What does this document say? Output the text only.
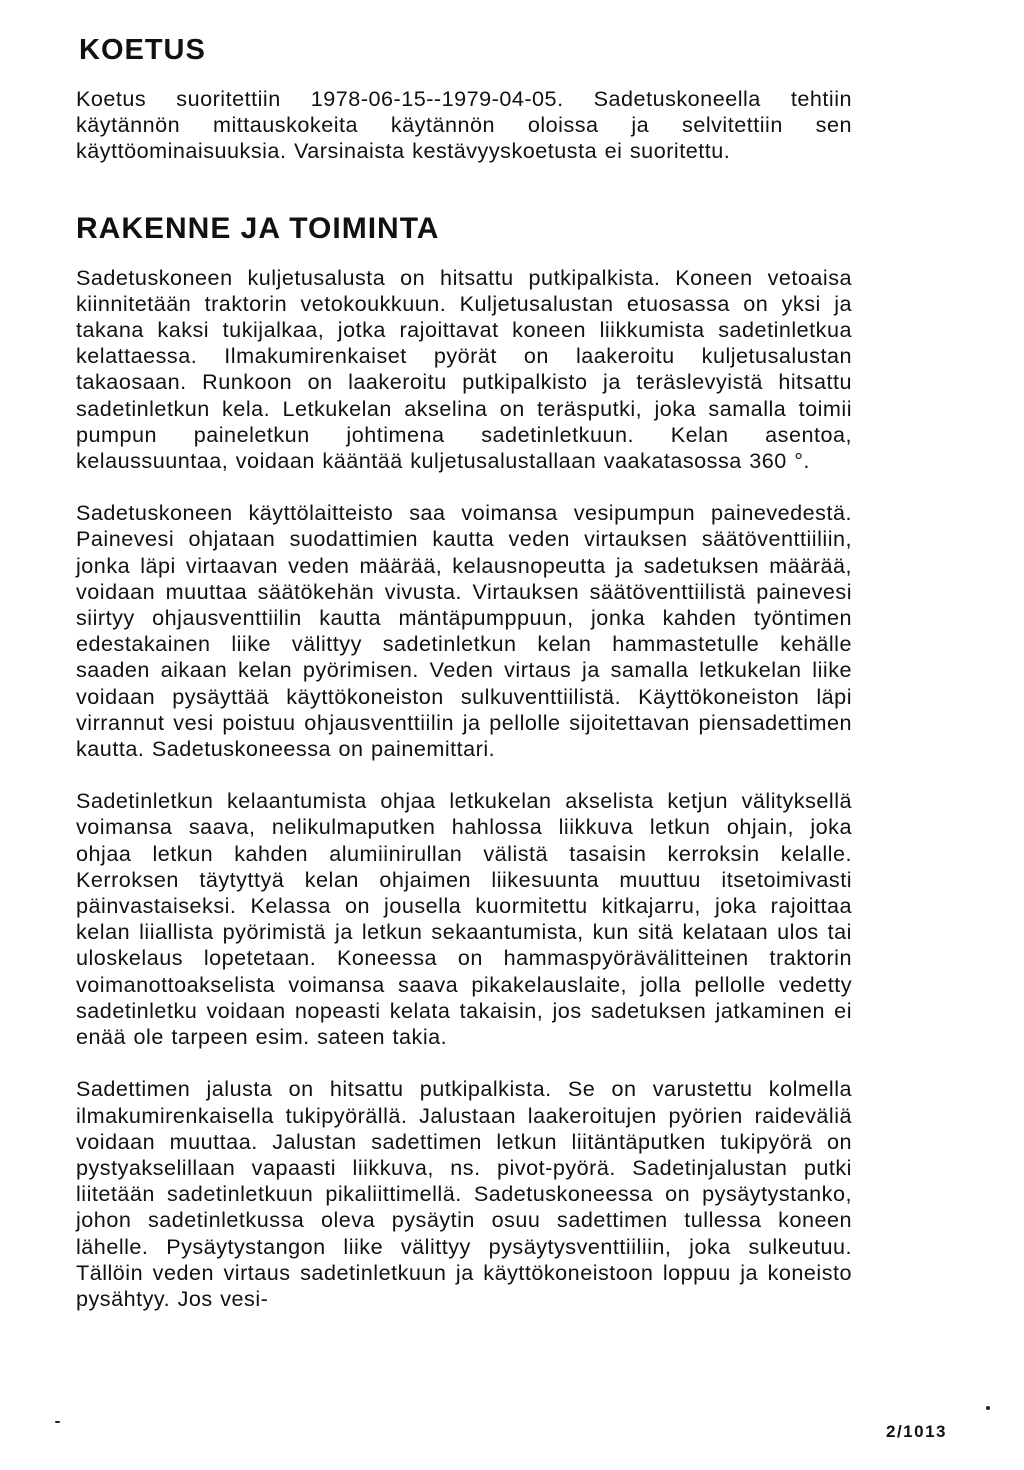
KOETUS

Koetus suoritettiin 1978-06-15--1979-04-05. Sadetuskoneella tehtiin käytännön mittauskokeita käytännön oloissa ja selvitettiin sen käyttöominaisuuksia. Varsinaista kestävyyskoetusta ei suoritettu.

RAKENNE JA TOIMINTA

Sadetuskoneen kuljetusalusta on hitsattu putkipalkista. Koneen vetoaisa kiinnitetään traktorin vetokoukkuun. Kuljetusalustan etuosassa on yksi ja takana kaksi tukijalkaa, jotka rajoittavat koneen liikkumista sadetinletkua kelattaessa. Ilmakumirenkaiset pyörät on laakeroitu kuljetusalustan takaosaan. Runkoon on laakeroitu putkipalkisto ja teräslevyistä hitsattu sadetinletkun kela. Letkukelan akselina on teräsputki, joka samalla toimii pumpun paineletkun johtimena sadetinletkuun. Kelan asentoa, kelaussuuntaa, voidaan kääntää kuljetusalustallaan vaakatasossa 360 °.

Sadetuskoneen käyttölaitteisto saa voimansa vesipumpun painevedestä. Painevesi ohjataan suodattimien kautta veden virtauksen säätöventtiiliin, jonka läpi virtaavan veden määrää, kelausnopeutta ja sadetuksen määrää, voidaan muuttaa säätökehän vivusta. Virtauksen säätöventtiilistä painevesi siirtyy ohjausventtiilin kautta mäntäpumppuun, jonka kahden työntimen edestakainen liike välittyy sadetinletkun kelan hammastetulle kehälle saaden aikaan kelan pyörimisen. Veden virtaus ja samalla letkukelan liike voidaan pysäyttää käyttökoneiston sulkuventtiilistä. Käyttökoneiston läpi virrannut vesi poistuu ohjausventtiilin ja pellolle sijoitettavan piensadettimen kautta. Sadetuskoneessa on painemittari.

Sadetinletkun kelaantumista ohjaa letkukelan akselista ketjun välityksellä voimansa saava, nelikulmaputken hahlossa liikkuva letkun ohjain, joka ohjaa letkun kahden alumiinirullan välistä tasaisin kerroksin kelalle. Kerroksen täytyttyä kelan ohjaimen liikesuunta muuttuu itsetoimivasti päinvastaiseksi. Kelassa on jousella kuormitettu kitkajarru, joka rajoittaa kelan liiallista pyörimistä ja letkun sekaantumista, kun sitä kelataan ulos tai uloskelaus lopetetaan. Koneessa on hammaspyörävälitteinen traktorin voimanottoakselista voimansa saava pikakelauslaite, jolla pellolle vedetty sadetinletku voidaan nopeasti kelata takaisin, jos sadetuksen jatkaminen ei enää ole tarpeen esim. sateen takia.

Sadettimen jalusta on hitsattu putkipalkista. Se on varustettu kolmella ilmakumirenkaisella tukipyörällä. Jalustaan laakeroitujen pyörien raideväliä voidaan muuttaa. Jalustan sadettimen letkun liitäntäputken tukipyörä on pystyakselillaan vapaasti liikkuva, ns. pivot-pyörä. Sadetinjalustan putki liitetään sadetinletkuun pikaliittimellä. Sadetuskoneessa on pysäytystanko, johon sadetinletkussa oleva pysäytin osuu sadettimen tullessa koneen lähelle. Pysäytystangon liike välittyy pysäytysventtiiliin, joka sulkeutuu. Tällöin veden virtaus sadetinletkuun ja käyttökoneistoon loppuu ja koneisto pysähtyy. Jos vesi-

2/1013
